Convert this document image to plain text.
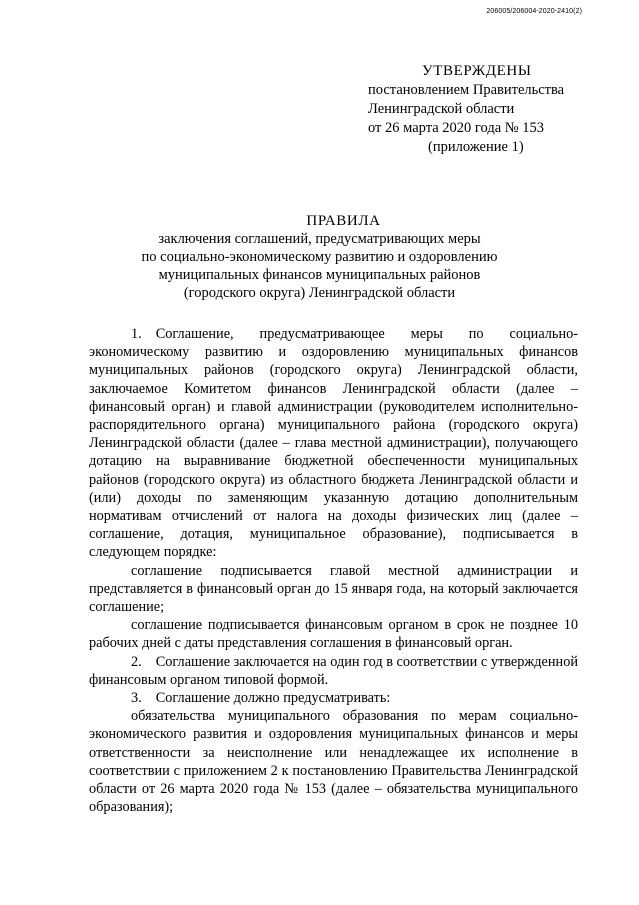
206005/206004-2020-2410(2)
УТВЕРЖДЕНЫ
постановлением Правительства
Ленинградской области
от 26 марта 2020 года № 153
(приложение 1)
ПРАВИЛА
заключения соглашений, предусматривающих меры
по социально-экономическому развитию и оздоровлению
муниципальных финансов муниципальных районов
(городского округа) Ленинградской области

1. Соглашение, предусматривающее меры по социально-экономическому развитию и оздоровлению муниципальных финансов муниципальных районов (городского округа) Ленинградской области, заключаемое Комитетом финансов Ленинградской области (далее – финансовый орган) и главой администрации (руководителем исполнительно-распорядительного органа) муниципального района (городского округа) Ленинградской области (далее – глава местной администрации), получающего дотацию на выравнивание бюджетной обеспеченности муниципальных районов (городского округа) из областного бюджета Ленинградской области и (или) доходы по заменяющим указанную дотацию дополнительным нормативам отчислений от налога на доходы физических лиц (далее – соглашение, дотация, муниципальное образование), подписывается в следующем порядке:

соглашение подписывается главой местной администрации и представляется в финансовый орган до 15 января года, на который заключается соглашение;

соглашение подписывается финансовым органом в срок не позднее 10 рабочих дней с даты представления соглашения в финансовый орган.

2. Соглашение заключается на один год в соответствии с утвержденной финансовым органом типовой формой.

3. Соглашение должно предусматривать:

обязательства муниципального образования по мерам социально-экономического развития и оздоровления муниципальных финансов и меры ответственности за неисполнение или ненадлежащее их исполнение в соответствии с приложением 2 к постановлению Правительства Ленинградской области от 26 марта 2020 года № 153 (далее – обязательства муниципального образования);
